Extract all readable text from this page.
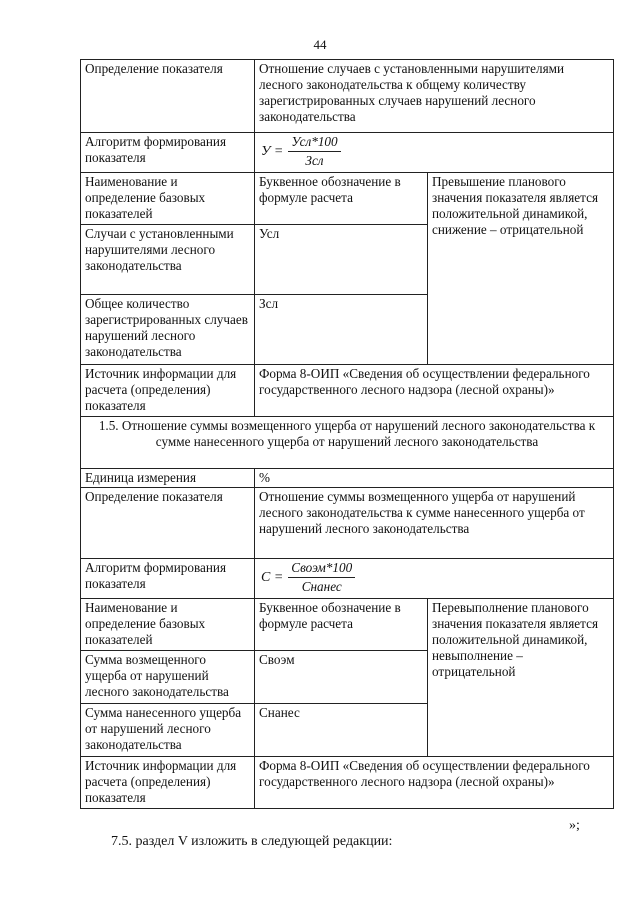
44
Определение показателя	Отношение случаев с установленными нарушителями лесного законодательства к общему количеству зарегистрированных случаев нарушений лесного законодательства	
Алгоритм формирования показателя	$У = \frac{\text{Усл*100}}{\text{Зсл}}$

Наименование и определение базовых показателей	Буквенное обозначение в формуле расчета	Превышение планового значения показателя является положительной динамикой, снижение – отрицательной
Случаи с установленными нарушителями лесного законодательства	Усл	
Общее количество зарегистрированных случаев нарушений лесного законодательства	Зсл	
Источник информации для расчета (определения) показателя	Форма 8-ОИП «Сведения об осуществлении федерального государственного лесного надзора (лесной охраны)»	
1.5. Отношение суммы возмещенного ущерба от нарушений лесного законодательства к сумме нанесенного ущерба от нарушений лесного законодательства		
Единица измерения	%	
Определение показателя	Отношение суммы возмещенного ущерба от нарушений лесного законодательства к сумме нанесенного ущерба от нарушений лесного законодательства	
Алгоритм формирования показателя	$С = \frac{\text{Своэм*100}}{\text{Снанес}}$

Наименование и определение базовых показателей	Буквенное обозначение в формуле расчета	Перевыполнение планового значения показателя является положительной динамикой, невыполнение – отрицательной
Сумма возмещенного ущерба от нарушений лесного законодательства	Своэм	
Сумма нанесенного ущерба от нарушений лесного законодательства	Снанес	
Источник информации для расчета (определения) показателя	Форма 8-ОИП «Сведения об осуществлении федерального государственного лесного надзора (лесной охраны)»	
»;
7.5. раздел V изложить в следующей редакции:
